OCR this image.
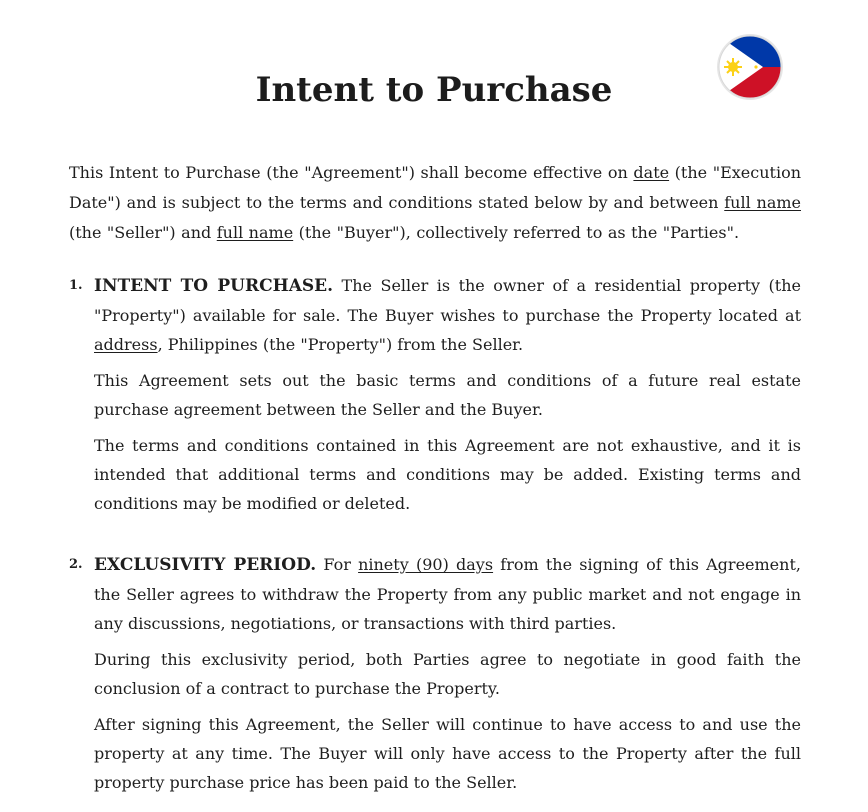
Intent to Purchase

This Intent to Purchase (the "Agreement") shall become effective on date (the "Execution Date") and is subject to the terms and conditions stated below by and between full name (the "Seller") and full name (the "Buyer"), collectively referred to as the "Parties".

1. INTENT TO PURCHASE. The Seller is the owner of a residential property (the "Property") available for sale. The Buyer wishes to purchase the Property located at address, Philippines (the "Property") from the Seller.

This Agreement sets out the basic terms and conditions of a future real estate purchase agreement between the Seller and the Buyer.

The terms and conditions contained in this Agreement are not exhaustive, and it is intended that additional terms and conditions may be added. Existing terms and conditions may be modified or deleted.

2. EXCLUSIVITY PERIOD. For ninety (90) days from the signing of this Agreement, the Seller agrees to withdraw the Property from any public market and not engage in any discussions, negotiations, or transactions with third parties.

During this exclusivity period, both Parties agree to negotiate in good faith the conclusion of a contract to purchase the Property.

After signing this Agreement, the Seller will continue to have access to and use the property at any time. The Buyer will only have access to the Property after the full property purchase price has been paid to the Seller.
